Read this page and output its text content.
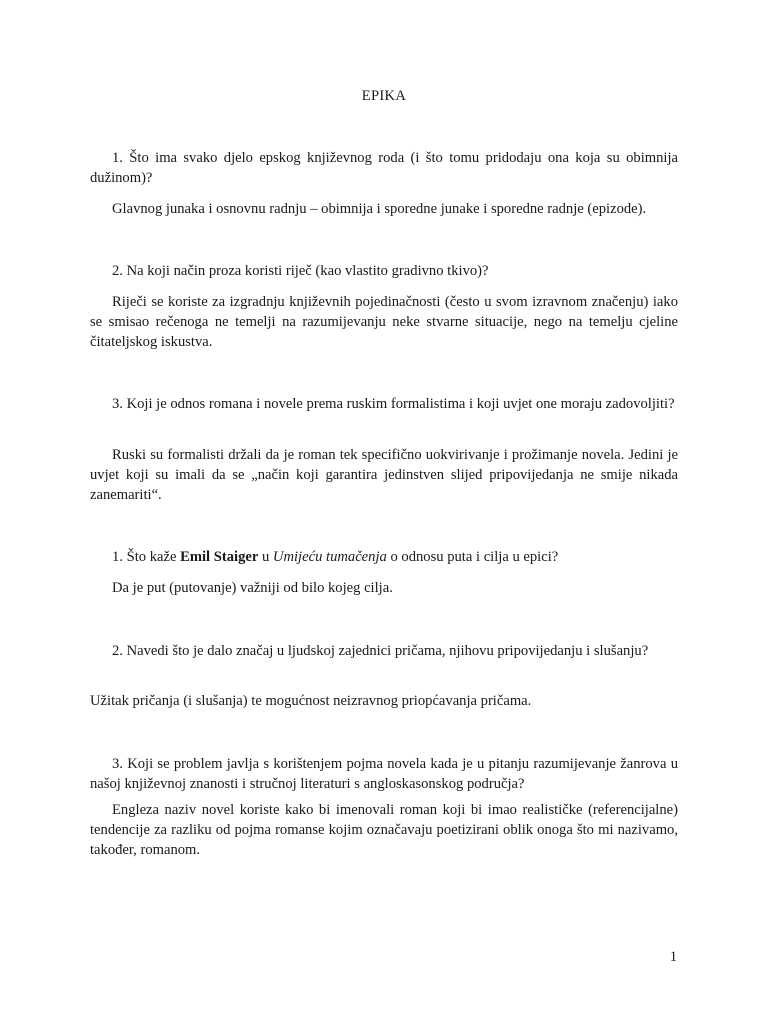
EPIKA

1. Što ima svako djelo epskog književnog roda (i što tomu pridodaju ona koja su obimnija dužinom)?

Glavnog junaka i osnovnu radnju – obimnija i sporedne junake i sporedne radnje (epizode).

2. Na koji način proza koristi riječ (kao vlastito gradivno tkivo)?

Riječi se koriste za izgradnju književnih pojedinačnosti (često u svom izravnom značenju) iako se smisao rečenoga ne temelji na razumijevanju neke stvarne situacije, nego na temelju cjeline čitateljskog iskustva.

3. Koji je odnos romana i novele prema ruskim formalistima i koji uvjet one moraju zadovoljiti?

Ruski su formalisti držali da je roman tek specifično uokvirivanje i prožimanje novela. Jedini je uvjet koji su imali da se „način koji garantira jedinstven slijed pripovijedanja ne smije nikada zanemariti“.

1. Što kaže Emil Staiger u Umijeću tumačenja o odnosu puta i cilja u epici?

Da je put (putovanje) važniji od bilo kojeg cilja.

2. Navedi što je dalo značaj u ljudskoj zajednici pričama, njihovu pripovijedanju i slušanju?

Užitak pričanja (i slušanja) te mogućnost neizravnog priopćavanja pričama.

3. Koji se problem javlja s korištenjem pojma novela kada je u pitanju razumijevanje žanrova u našoj književnoj znanosti i stručnoj literaturi s angloskasonskog područja?

Engleza naziv novel koriste kako bi imenovali roman koji bi imao realističke (referencijalne) tendencije za razliku od pojma romanse kojim označavaju poetizirani oblik onoga što mi nazivamo, također, romanom.

1
